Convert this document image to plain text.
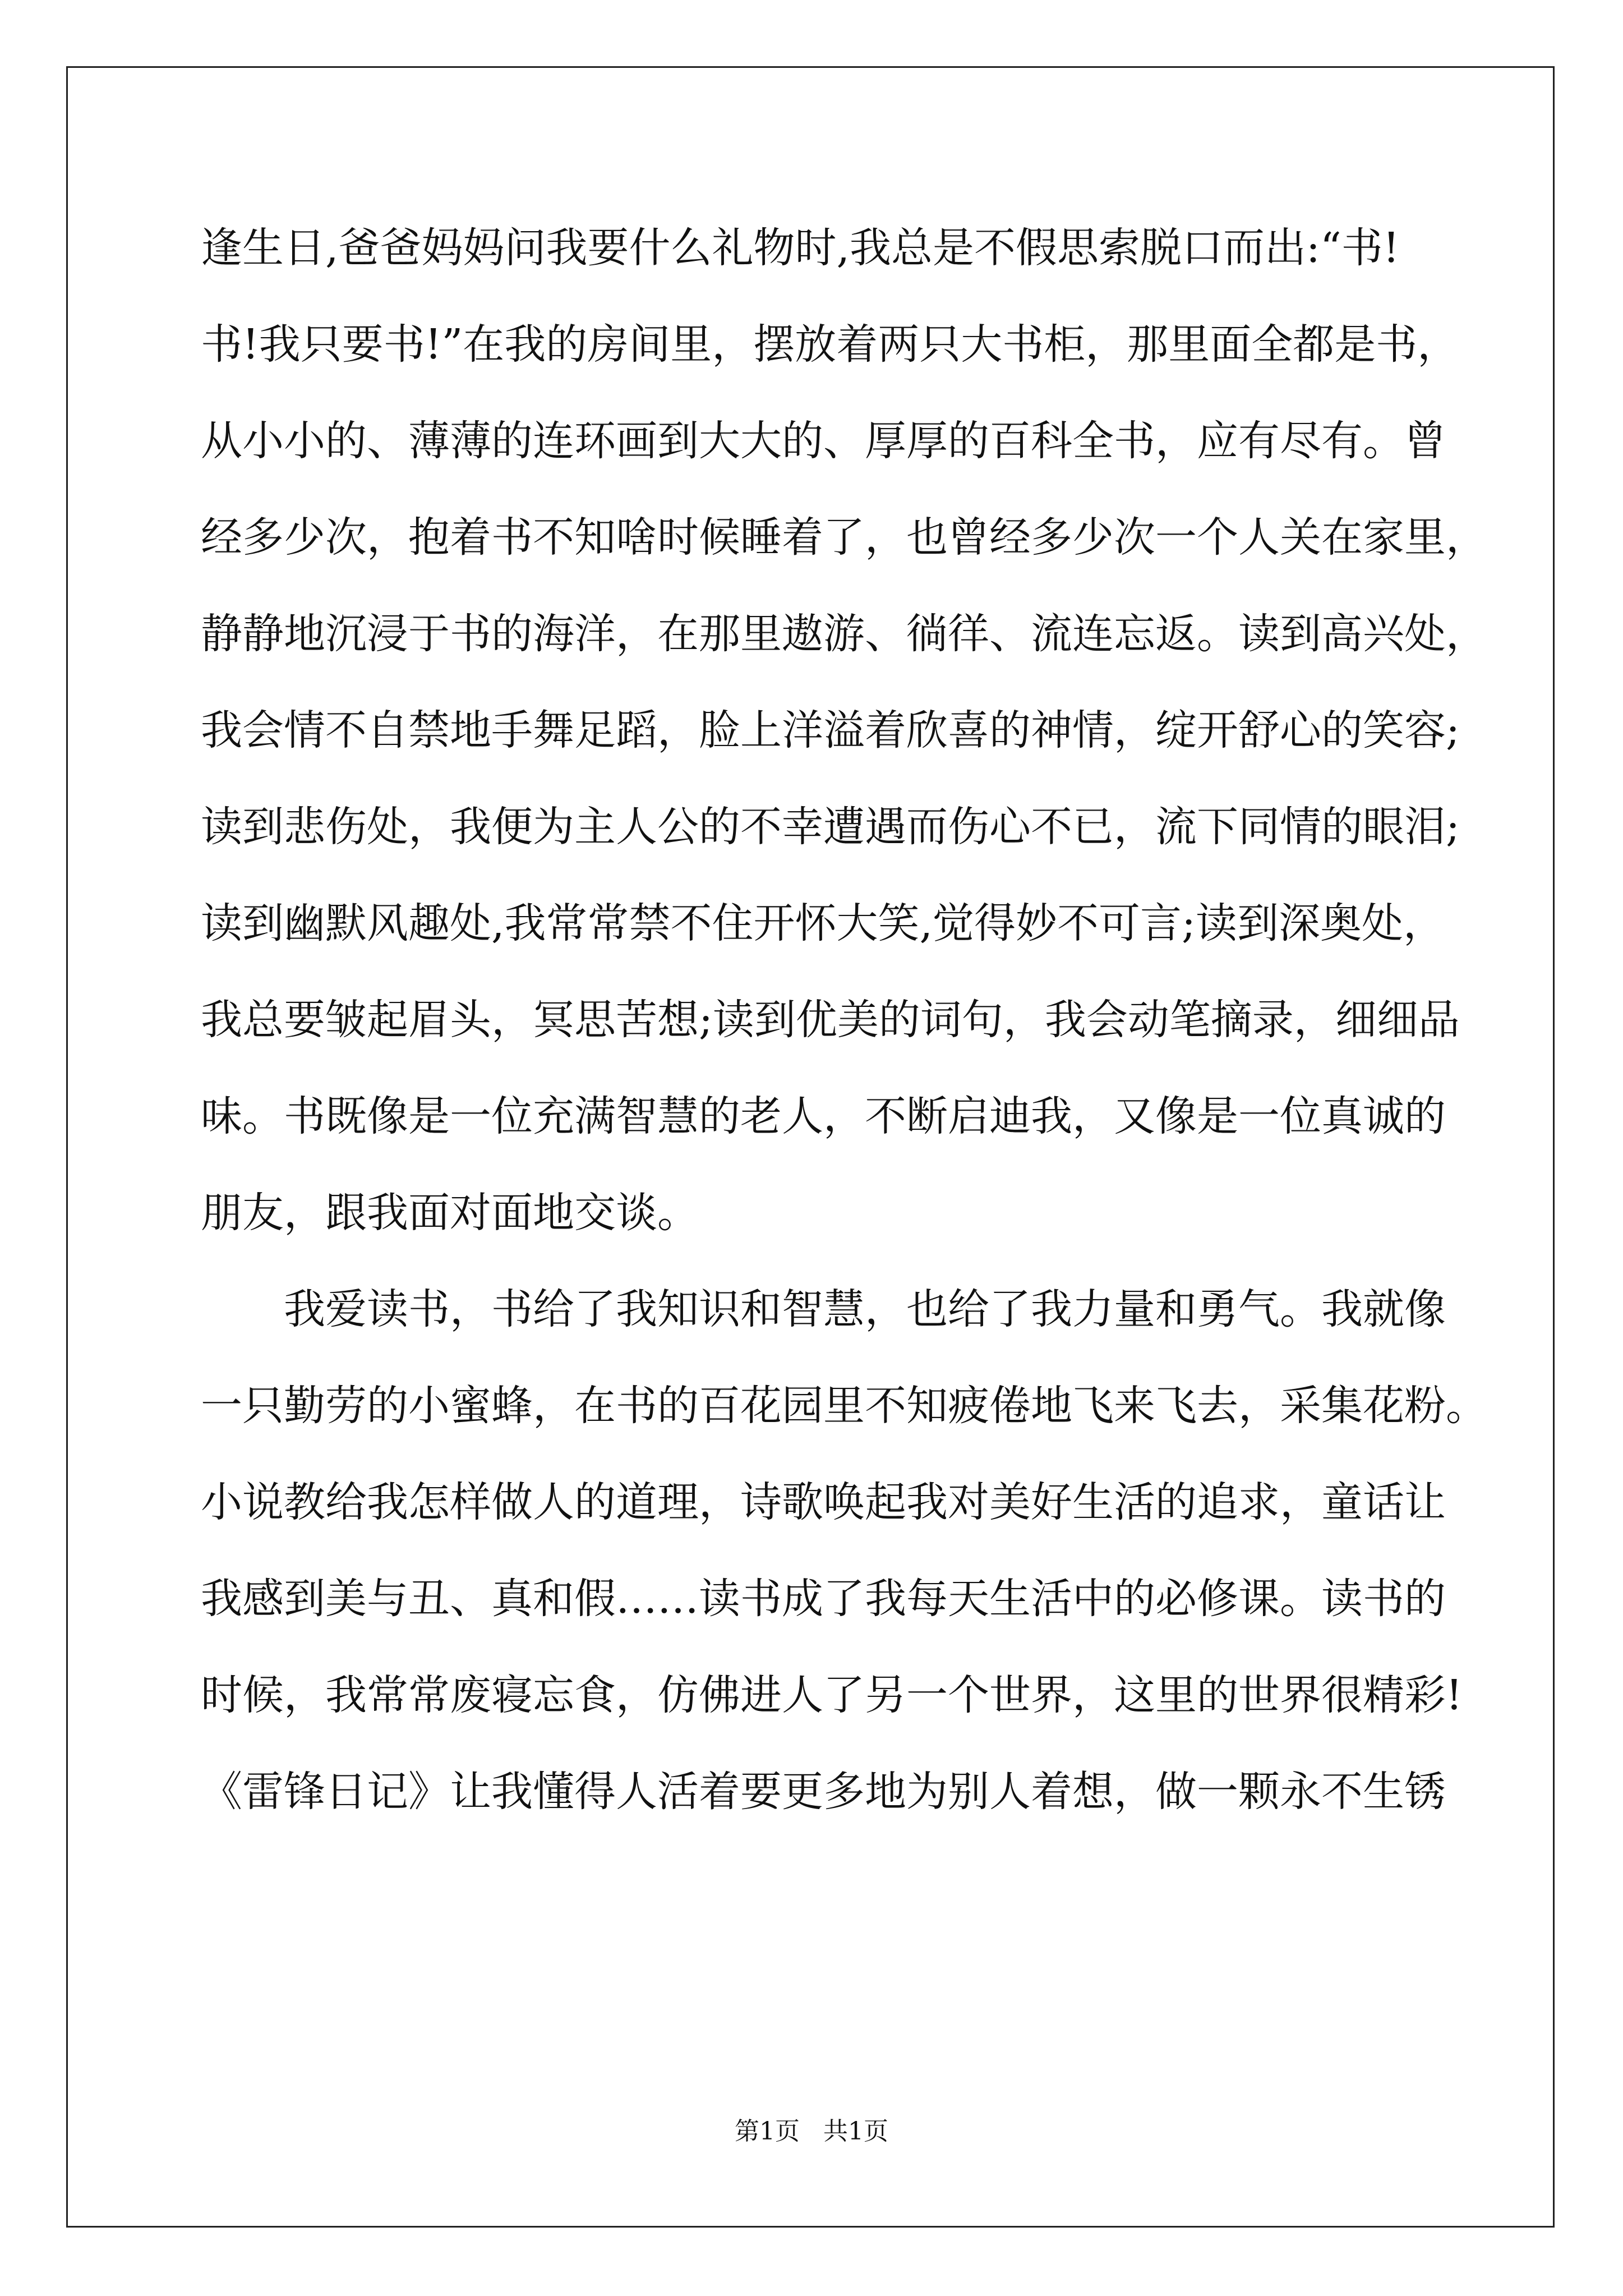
逢生日,爸爸妈妈问我要什么礼物时,我总是不假思索脱口而出:“书!
书!我只要书!”在我的房间里，摆放着两只大书柜，那里面全都是书，
从小小的、薄薄的连环画到大大的、厚厚的百科全书，应有尽有。曾
经多少次，抱着书不知啥时候睡着了，也曾经多少次一个人关在家里，
静静地沉浸于书的海洋，在那里遨游、徜徉、流连忘返。读到高兴处，
我会情不自禁地手舞足蹈，脸上洋溢着欣喜的神情，绽开舒心的笑容;
读到悲伤处，我便为主人公的不幸遭遇而伤心不已，流下同情的眼泪;
读到幽默风趣处,我常常禁不住开怀大笑,觉得妙不可言;读到深奥处，
我总要皱起眉头，冥思苦想;读到优美的词句，我会动笔摘录，细细品
味。书既像是一位充满智慧的老人，不断启迪我，又像是一位真诚的
朋友，跟我面对面地交谈。
我爱读书，书给了我知识和智慧，也给了我力量和勇气。我就像
一只勤劳的小蜜蜂，在书的百花园里不知疲倦地飞来飞去，采集花粉。
小说教给我怎样做人的道理，诗歌唤起我对美好生活的追求，童话让
我感到美与丑、真和假……读书成了我每天生活中的必修课。读书的
时候，我常常废寝忘食，仿佛进人了另一个世界，这里的世界很精彩!
《雷锋日记》让我懂得人活着要更多地为别人着想，做一颗永不生锈
第1页   共1页
